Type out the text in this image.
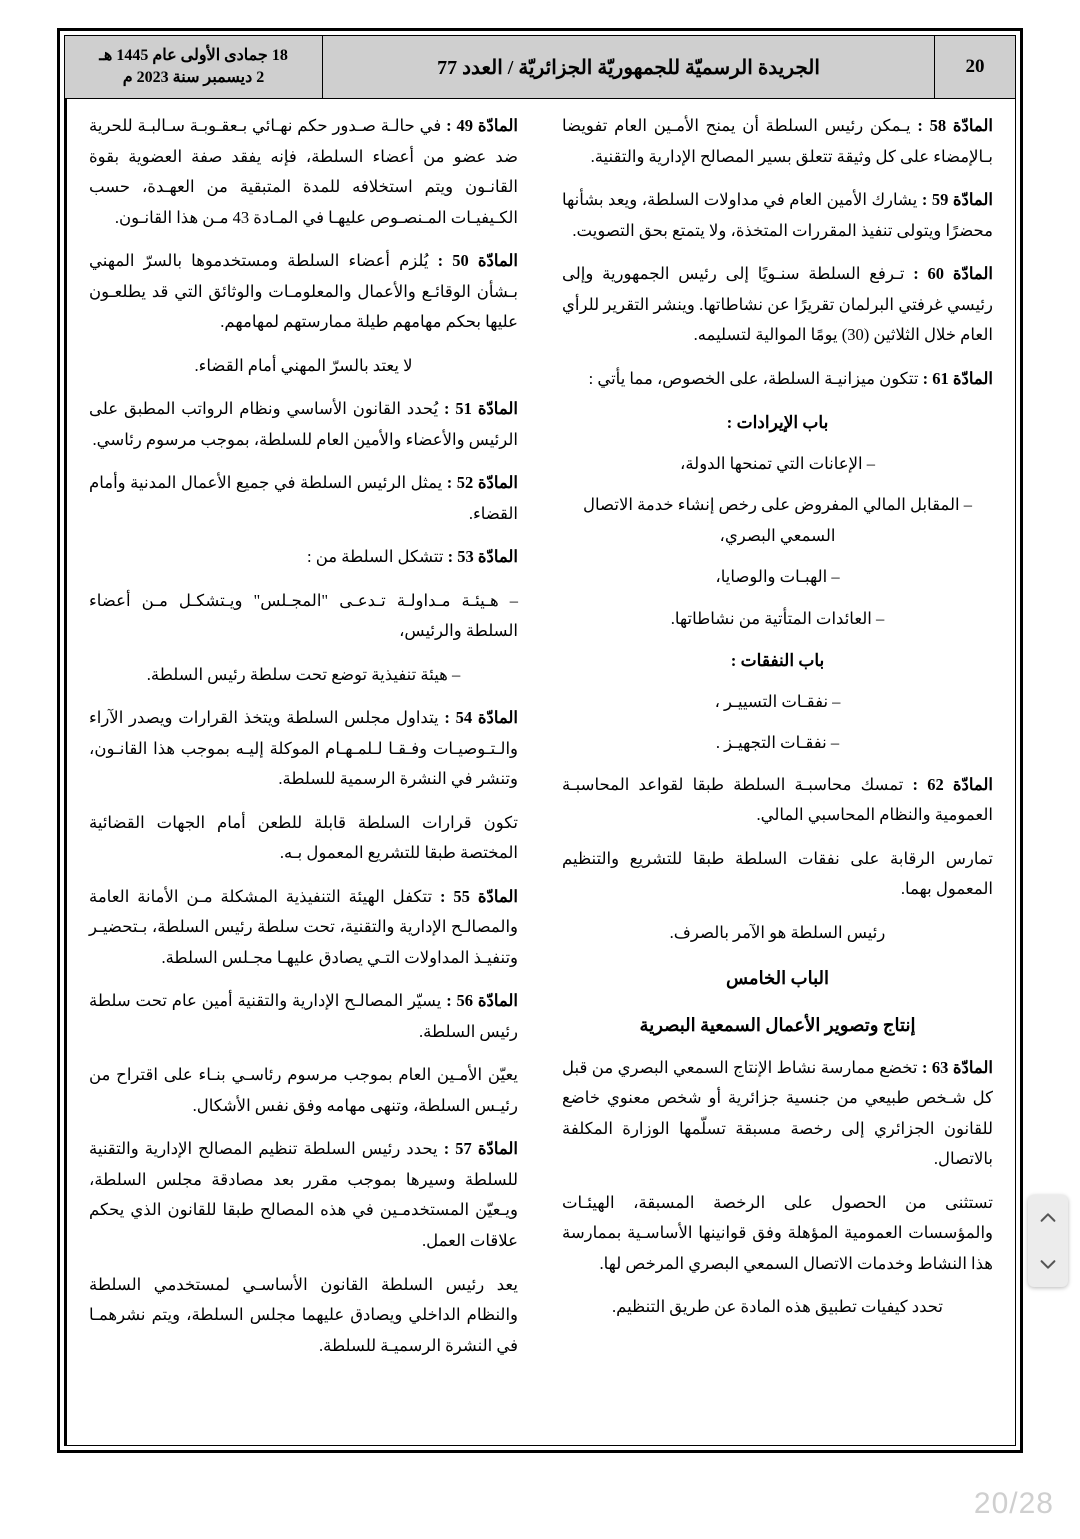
20
الجريدة الرسميّة للجمهوريّة الجزائريّة / العدد 77
18 جمادى الأولى عام 1445 هـ
2 ديسمبر سنة 2023 م

المادّة 58 : يـمكن رئيس السلطة أن يمنح الأمـين العام تفويضا بـالإمضاء على كل وثيقة تتعلق بسير المصالح الإدارية والتقنية.

المادّة 59 : يشارك الأمين العام في مداولات السلطة، ويعد بشأنها محضرًا ويتولى تنفيذ المقررات المتخذة، ولا يتمتع بحق التصويت.

المادّة 60 : تـرفع السلطة سنـويًا إلى رئيس الجمهورية وإلى رئيسي غرفتي البرلمان تقريرًا عن نشاطاتها. وينشر التقرير للرأي العام خلال الثلاثين (30) يومًا الموالية لتسليمه.

المادّة 61 : تتكون ميزانيـة السلطة، على الخصوص، مما يأتي :

باب الإيرادات :

– الإعانات التي تمنحها الدولة،

– المقابل المالي المفروض على رخص إنشاء خدمة الاتصال السمعي البصري،

– الهبـات والوصايا،

– العائدات المتأتية من نشاطاتها.

باب النفقات :

– نفقـات التسييـر ،

– نفقـات التجهيـز .

المادّة 62 : تمسك محاسبـة السلطة طبقا لقواعد المحاسبـة العمومية والنظام المحاسبي المالي.

تمارس الرقابة على نفقات السلطة طبقا للتشريع والتنظيم المعمول بهما.

رئيس السلطة هو الآمر بالصرف.

الباب الخامس

إنتاج وتصوير الأعمال السمعية البصرية

المادّة 63 : تخضع ممارسة نشاط الإنتاج السمعي البصري من قبل كل شـخص طبيعي من جنسية جزائرية أو شخص معنوي خاضع للقانون الجزائري إلى رخصة مسبقة تسلّمها الوزارة المكلفة بالاتصال.

تستثنى من الحصول على الرخصة المسبقة، الهيئـات والمؤسسات العمومية المؤهلة وفق قوانينها الأساسـية بممارسة هذا النشاط وخدمات الاتصال السمعي البصري المرخص لها.

تحدد كيفيات تطبيق هذه المادة عن طريق التنظيم.

المادّة 49 : في حالـة صـدور حكم نهـائي بـعقـوبـة سـالبـة للحرية ضد عضو من أعضاء السلطة، فإنه يفقد صفة العضوية بقوة القانـون ويتم استخلافه للمدة المتبقية من العهـدة، حسب الكـيفيـات المـنصـوص عليهـا في المـادة 43 مـن هذا القانـون.

المادّة 50 : يُلزم أعضاء السلطة ومستخدموها بالسرّ المهني بـشأن الوقائـع والأعمال والمعلومـات والوثائق التي قد يطلعـون عليها بحكم مهامهم طيلة ممارستهم لمهامهم.

لا يعتد بالسرّ المهني أمام القضاء.

المادّة 51 : يُحدد القانون الأساسي ونظام الرواتب المطبق على الرئيس والأعضاء والأمين العام للسلطة، بموجب مرسوم رئاسي.

المادّة 52 : يمثل الرئيس السلطة في جميع الأعمال المدنية وأمام القضاء.

المادّة 53 : تتشكل السلطة من :

– هـيئـة مـداولـة تـدعـى "المجـلس" ويـتشكـل مـن أعضاء السلطة والرئيس،

– هيئة تنفيذية توضع تحت سلطة رئيس السلطة.

المادّة 54 : يتداول مجلس السلطة ويتخذ القرارات ويصدر الآراء والـتـوصيـات وفـقـا لـلمـهـام الموكلة إليـه بموجب هذا القانـون، وتنشر في النشرة الرسمية للسلطة.

تكون قرارات السلطة قابلة للطعن أمام الجهات القضائية المختصة طبقا للتشريع المعمول بـه.

المادّة 55 : تتكفل الهيئة التنفيذية المشكلة مـن الأمانة العامة والمصالـح الإدارية والتقنية، تحت سلطة رئيس السلطة، بـتحضيـر وتنفيـذ المداولات التـي يصادق عليهـا مجـلس السلطة.

المادّة 56 : يسيّر المصالـح الإدارية والتقنية أمين عام تحت سلطة رئيس السلطة.

يعيّن الأمـين العام بموجب مرسوم رئاسـي بنـاء على اقتراح من رئيـس السلطة، وتنهى مهامه وفق نفس الأشكال.

المادّة 57 : يحدد رئيس السلطة تنظيم المصالح الإدارية والتقنية للسلطة وسيرها بموجب مقرر بعد مصادقة مجلس السلطة، ويـعيّن المستخدمـين في هذه المصالح طبقا للقانون الذي يحكم علاقات العمل.

يعد رئيس السلطة القانون الأساسـي لمستخدمي السلطة والنظام الداخلي ويصادق عليهما مجلس السلطة، ويتم نشرهمـا في النشرة الرسميـة للسلطة.

20/28
